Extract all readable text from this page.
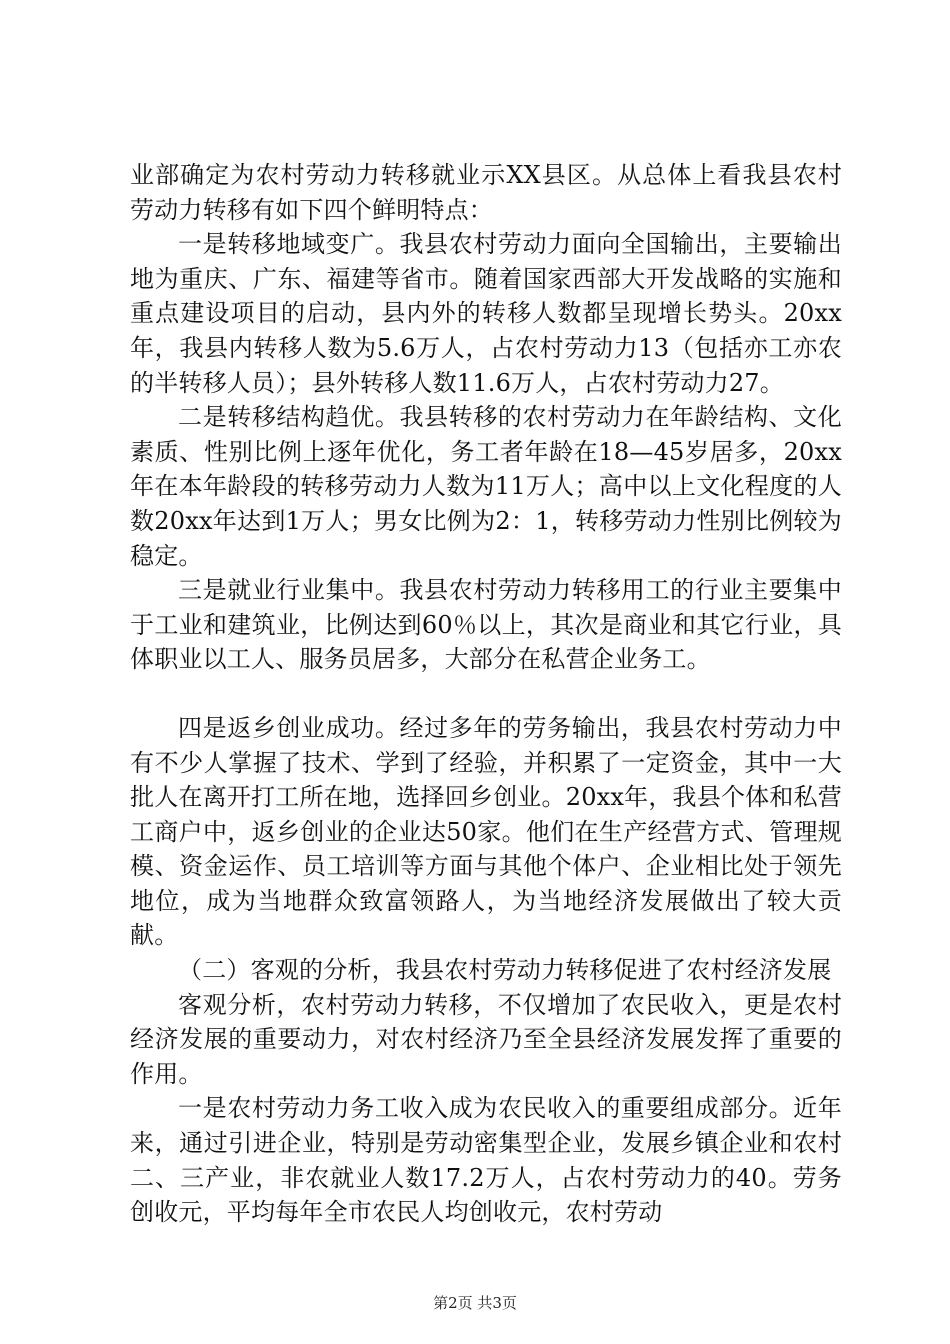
业部确定为农村劳动力转移就业示XX县区。从总体上看我县农村劳动力转移有如下四个鲜明特点：

一是转移地域变广。我县农村劳动力面向全国输出，主要输出地为重庆、广东、福建等省市。随着国家西部大开发战略的实施和重点建设项目的启动，县内外的转移人数都呈现增长势头。20xx年，我县内转移人数为5.6万人，占农村劳动力13（包括亦工亦农的半转移人员）；县外转移人数11.6万人，占农村劳动力27。

二是转移结构趋优。我县转移的农村劳动力在年龄结构、文化素质、性别比例上逐年优化，务工者年龄在18—45岁居多，20xx年在本年龄段的转移劳动力人数为11万人；高中以上文化程度的人数20xx年达到1万人；男女比例为2：1，转移劳动力性别比例较为稳定。

三是就业行业集中。我县农村劳动力转移用工的行业主要集中于工业和建筑业，比例达到60％以上，其次是商业和其它行业，具体职业以工人、服务员居多，大部分在私营企业务工。

四是返乡创业成功。经过多年的劳务输出，我县农村劳动力中有不少人掌握了技术、学到了经验，并积累了一定资金，其中一大批人在离开打工所在地，选择回乡创业。20xx年，我县个体和私营工商户中，返乡创业的企业达50家。他们在生产经营方式、管理规模、资金运作、员工培训等方面与其他个体户、企业相比处于领先地位，成为当地群众致富领路人，为当地经济发展做出了较大贡献。

（二）客观的分析，我县农村劳动力转移促进了农村经济发展

客观分析，农村劳动力转移，不仅增加了农民收入，更是农村经济发展的重要动力，对农村经济乃至全县经济发展发挥了重要的作用。

一是农村劳动力务工收入成为农民收入的重要组成部分。近年来，通过引进企业，特别是劳动密集型企业，发展乡镇企业和农村二、三产业，非农就业人数17.2万人，占农村劳动力的40。劳务创收元，平均每年全市农民人均创收元，农村劳动

第2页 共3页
